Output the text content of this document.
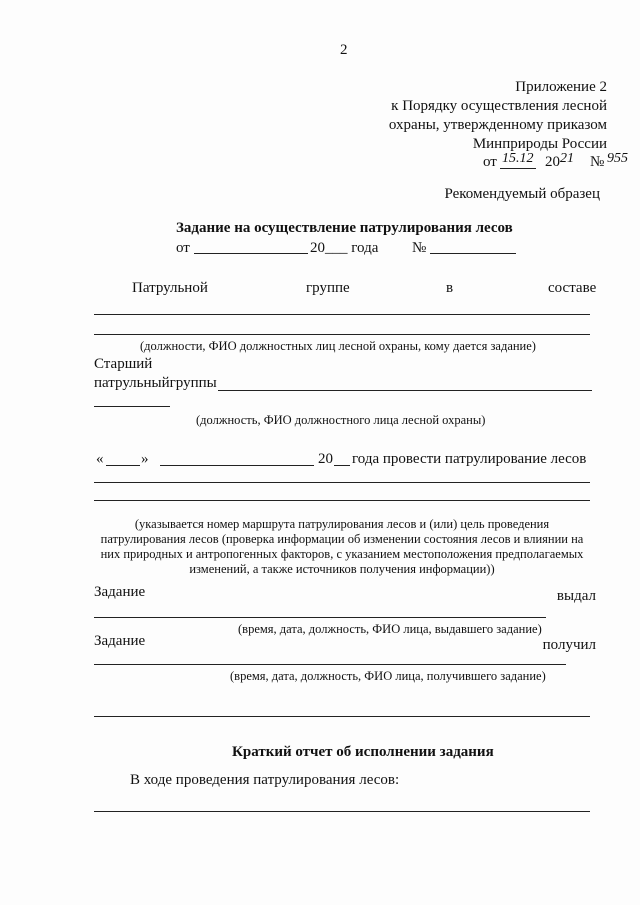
2
Приложение 2
к Порядку осуществления лесной
охраны, утвержденному приказом
Минприроды России
от 15.12 20 21 № 955
Рекомендуемый образец
Задание на осуществление патрулирования лесов
от	20___ года №
Патрульной	группе	в	составе
(должности, ФИО должностных лиц лесной охраны, кому дается задание)
Старший
патрульныйгруппы
(должность, ФИО должностного лица лесной охраны)
«	»	20 года провести патрулирование лесов
(указывается номер маршрута патрулирования лесов и (или) цель проведения
патрулирования лесов (проверка информации об изменении состояния лесов и влиянии на
них природных и антропогенных факторов, с указанием местоположения предполагаемых
изменений, а также источников получения информации))
Задание	выдал
(время, дата, должность, ФИО лица, выдавшего задание)
Задание	получил
(время, дата, должность, ФИО лица, получившего задание)
Краткий отчет об исполнении задания
В ходе проведения патрулирования лесов:
